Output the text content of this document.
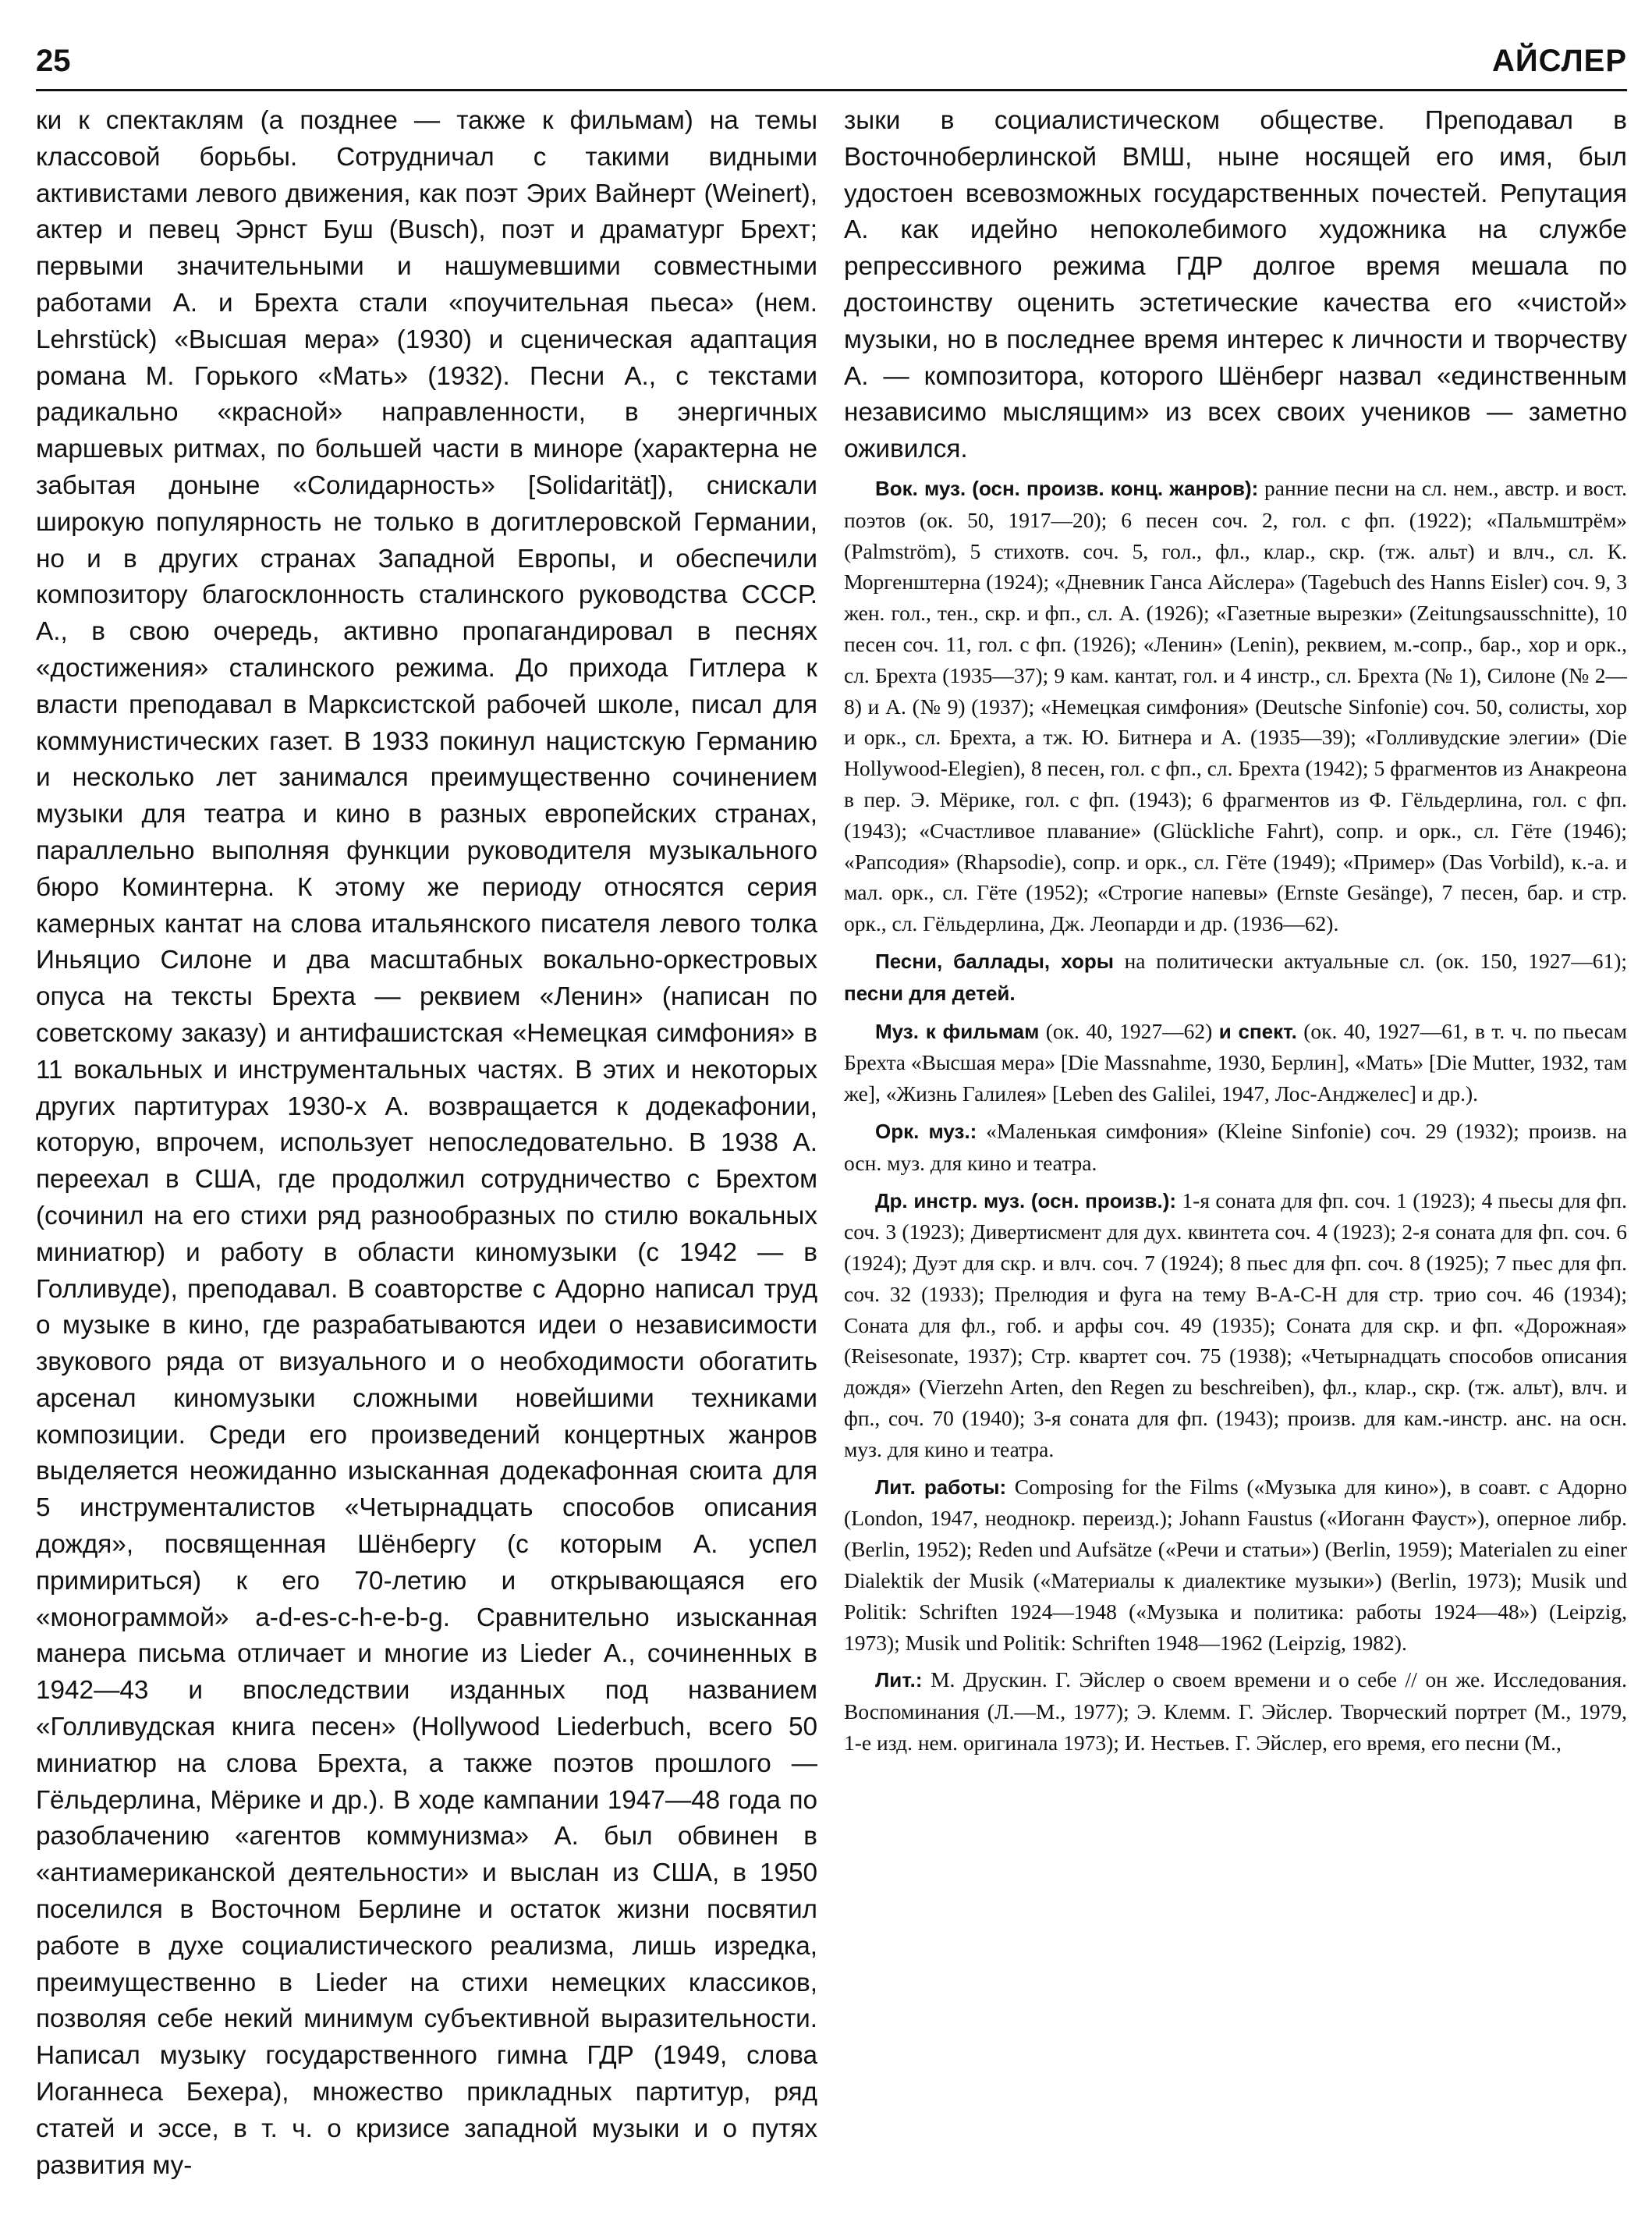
25	АЙСЛЕР

ки к спектаклям (а позднее — также к фильмам) на темы классовой борьбы. Сотрудничал с такими видными активистами левого движения, как поэт Эрих Вайнерт (Weinert), актер и певец Эрнст Буш (Busch), поэт и драматург Брехт; первыми значительными и нашумевшими совместными работами А. и Брехта стали «поучительная пьеса» (нем. Lehrstück) «Высшая мера» (1930) и сценическая адаптация романа М. Горького «Мать» (1932). Песни А., с текстами радикально «красной» направленности, в энергичных маршевых ритмах, по большей части в миноре (характерна не забытая доныне «Солидарность» [Solidarität]), снискали широкую популярность не только в догитлеровской Германии, но и в других странах Западной Европы, и обеспечили композитору благосклонность сталинского руководства СССР. А., в свою очередь, активно пропагандировал в песнях «достижения» сталинского режима. До прихода Гитлера к власти преподавал в Марксистской рабочей школе, писал для коммунистических газет. В 1933 покинул нацистскую Германию и несколько лет занимался преимущественно сочинением музыки для театра и кино в разных европейских странах, параллельно выполняя функции руководителя музыкального бюро Коминтерна. К этому же периоду относятся серия камерных кантат на слова итальянского писателя левого толка Иньяцио Силоне и два масштабных вокально-оркестровых опуса на тексты Брехта — реквием «Ленин» (написан по советскому заказу) и антифашистская «Немецкая симфония» в 11 вокальных и инструментальных частях. В этих и некоторых других партитурах 1930-х А. возвращается к додекафонии, которую, впрочем, использует непоследовательно. В 1938 А. переехал в США, где продолжил сотрудничество с Брехтом (сочинил на его стихи ряд разнообразных по стилю вокальных миниатюр) и работу в области киномузыки (с 1942 — в Голливуде), преподавал. В соавторстве с Адорно написал труд о музыке в кино, где разрабатываются идеи о независимости звукового ряда от визуального и о необходимости обогатить арсенал киномузыки сложными новейшими техниками композиции. Среди его произведений концертных жанров выделяется неожиданно изысканная додекафонная сюита для 5 инструменталистов «Четырнадцать способов описания дождя», посвященная Шёнбергу (с которым А. успел примириться) к его 70-летию и открывающаяся его «монограммой» a-d-es-c-h-e-b-g. Сравнительно изысканная манера письма отличает и многие из Lieder А., сочиненных в 1942—43 и впоследствии изданных под названием «Голливудская книга песен» (Hollywood Liederbuch, всего 50 миниатюр на слова Брехта, а также поэтов прошлого — Гёльдерлина, Мёрике и др.). В ходе кампании 1947—48 года по разоблачению «агентов коммунизма» А. был обвинен в «антиамериканской деятельности» и выслан из США, в 1950 поселился в Восточном Берлине и остаток жизни посвятил работе в духе социалистического реализма, лишь изредка, преимущественно в Lieder на стихи немецких классиков, позволяя себе некий минимум субъективной выразительности. Написал музыку государственного гимна ГДР (1949, слова Иоганнеса Бехера), множество прикладных партитур, ряд статей и эссе, в т. ч. о кризисе западной музыки и о путях развития му-

зыки в социалистическом обществе. Преподавал в Восточноберлинской ВМШ, ныне носящей его имя, был удостоен всевозможных государственных почестей. Репутация А. как идейно непоколебимого художника на службе репрессивного режима ГДР долгое время мешала по достоинству оценить эстетические качества его «чистой» музыки, но в последнее время интерес к личности и творчеству А. — композитора, которого Шёнберг назвал «единственным независимо мыслящим» из всех своих учеников — заметно оживился.

Вок. муз. (осн. произв. конц. жанров): ранние песни на сл. нем., австр. и вост. поэтов (ок. 50, 1917—20); 6 песен соч. 2, гол. с фп. (1922); «Пальмштрём» (Palmström), 5 стихотв. соч. 5, гол., фл., клар., скр. (тж. альт) и влч., сл. К. Моргенштерна (1924); «Дневник Ганса Айслера» (Tagebuch des Hanns Eisler) соч. 9, 3 жен. гол., тен., скр. и фп., сл. А. (1926); «Газетные вырезки» (Zeitungsausschnitte), 10 песен соч. 11, гол. с фп. (1926); «Ленин» (Lenin), реквием, м.-сопр., бар., хор и орк., сл. Брехта (1935—37); 9 кам. кантат, гол. и 4 инстр., сл. Брехта (№ 1), Силоне (№ 2—8) и А. (№ 9) (1937); «Немецкая симфония» (Deutsche Sinfonie) соч. 50, солисты, хор и орк., сл. Брехта, а тж. Ю. Битнера и А. (1935—39); «Голливудские элегии» (Die Hollywood-Elegien), 8 песен, гол. с фп., сл. Брехта (1942); 5 фрагментов из Анакреона в пер. Э. Мёрике, гол. с фп. (1943); 6 фрагментов из Ф. Гёльдерлина, гол. с фп. (1943); «Счастливое плавание» (Glückliche Fahrt), сопр. и орк., сл. Гёте (1946); «Рапсодия» (Rhapsodie), сопр. и орк., сл. Гёте (1949); «Пример» (Das Vorbild), к.-а. и мал. орк., сл. Гёте (1952); «Строгие напевы» (Ernste Gesänge), 7 песен, бар. и стр. орк., сл. Гёльдерлина, Дж. Леопарди и др. (1936—62).

Песни, баллады, хоры на политически актуальные сл. (ок. 150, 1927—61); песни для детей.

Муз. к фильмам (ок. 40, 1927—62) и спект. (ок. 40, 1927—61, в т. ч. по пьесам Брехта «Высшая мера» [Die Massnahme, 1930, Берлин], «Мать» [Die Mutter, 1932, там же], «Жизнь Галилея» [Leben des Galilei, 1947, Лос-Анджелес] и др.).

Орк. муз.: «Маленькая симфония» (Kleine Sinfonie) соч. 29 (1932); произв. на осн. муз. для кино и театра.

Др. инстр. муз. (осн. произв.): 1-я соната для фп. соч. 1 (1923); 4 пьесы для фп. соч. 3 (1923); Дивертисмент для дух. квинтета соч. 4 (1923); 2-я соната для фп. соч. 6 (1924); Дуэт для скр. и влч. соч. 7 (1924); 8 пьес для фп. соч. 8 (1925); 7 пьес для фп. соч. 32 (1933); Прелюдия и фуга на тему B-A-C-H для стр. трио соч. 46 (1934); Соната для фл., гоб. и арфы соч. 49 (1935); Соната для скр. и фп. «Дорожная» (Reisesonate, 1937); Стр. квартет соч. 75 (1938); «Четырнадцать способов описания дождя» (Vierzehn Arten, den Regen zu beschreiben), фл., клар., скр. (тж. альт), влч. и фп., соч. 70 (1940); 3-я соната для фп. (1943); произв. для кам.-инстр. анс. на осн. муз. для кино и театра.

Лит. работы: Composing for the Films («Музыка для кино»), в соавт. с Адорно (London, 1947, неоднокр. переизд.); Johann Faustus («Иоганн Фауст»), оперное либр. (Berlin, 1952); Reden und Aufsätze («Речи и статьи») (Berlin, 1959); Materialen zu einer Dialektik der Musik («Материалы к диалектике музыки») (Berlin, 1973); Musik und Politik: Schriften 1924—1948 («Музыка и политика: работы 1924—48») (Leipzig, 1973); Musik und Politik: Schriften 1948—1962 (Leipzig, 1982).

Лит.: М. Друскин. Г. Эйслер о своем времени и о себе // он же. Исследования. Воспоминания (Л.—М., 1977); Э. Клемм. Г. Эйслер. Творческий портрет (М., 1979, 1-е изд. нем. оригинала 1973); И. Нестьев. Г. Эйслер, его время, его песни (М.,
